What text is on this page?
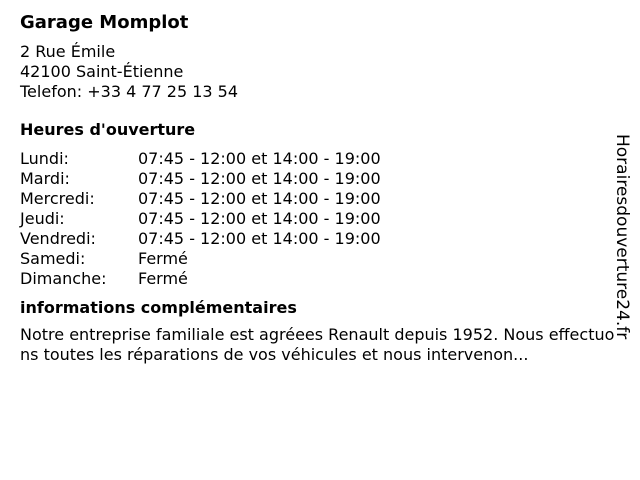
Garage Momplot
2 Rue Émile
42100 Saint-Étienne
Telefon: +33 4 77 25 13 54
Heures d'ouverture
Lundi:	07:45 - 12:00 et 14:00 - 19:00
Mardi:	07:45 - 12:00 et 14:00 - 19:00
Mercredi:	07:45 - 12:00 et 14:00 - 19:00
Jeudi:	07:45 - 12:00 et 14:00 - 19:00
Vendredi:	07:45 - 12:00 et 14:00 - 19:00
Samedi:	Fermé
Dimanche:	Fermé
informations complémentaires
Notre entreprise familiale est agréees Renault depuis 1952. Nous effectuons toutes les réparations de vos véhicules et nous intervenon...
Horairesdouverture24.fr
